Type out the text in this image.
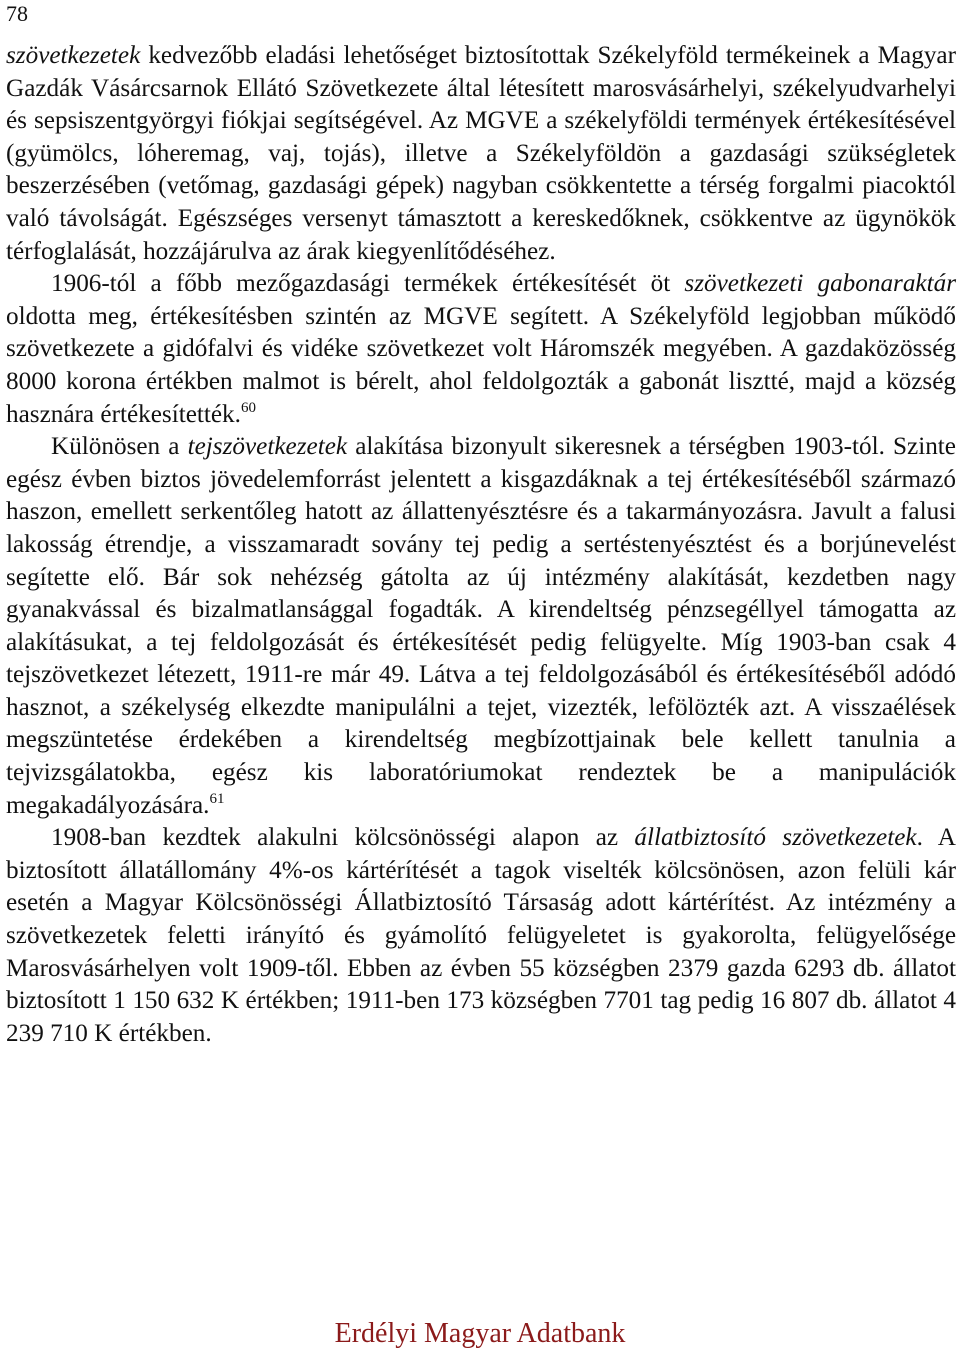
78

szövetkezetek kedvezőbb eladási lehetőséget biztosítottak Székelyföld termékeinek a Magyar Gazdák Vásárcsarnok Ellátó Szövetkezete által létesített marosvásárhelyi, székelyudvarhelyi és sepsiszentgyörgyi fiókjai segítségével. Az MGVE a székelyföldi termények értékesítésével (gyümölcs, lóheremag, vaj, tojás), illetve a Székelyföldön a gazdasági szükségletek beszerzésében (vetőmag, gazdasági gépek) nagyban csökkentette a térség forgalmi piacoktól való távolságát. Egészséges versenyt támasztott a kereskedőknek, csökkentve az ügynökök térfoglalását, hozzájárulva az árak kiegyenlítődéséhez.

1906-tól a főbb mezőgazdasági termékek értékesítését öt szövetkezeti gabonaraktár oldotta meg, értékesítésben szintén az MGVE segített. A Székelyföld legjobban működő szövetkezete a gidófalvi és vidéke szövetkezet volt Háromszék megyében. A gazdaközösség 8000 korona értékben malmot is bérelt, ahol feldolgozták a gabonát lisztté, majd a község hasznára értékesítették.$^{60}$

Különösen a tejszövetkezetek alakítása bizonyult sikeresnek a térségben 1903-tól. Szinte egész évben biztos jövedelemforrást jelentett a kisgazdáknak a tej értékesítéséből származó haszon, emellett serkentőleg hatott az állattenyésztésre és a takarmányozásra. Javult a falusi lakosság étrendje, a visszamaradt sovány tej pedig a sertéstenyésztést és a borjúnevelést segítette elő. Bár sok nehézség gátolta az új intézmény alakítását, kezdetben nagy gyanakvással és bizalmatlansággal fogadták. A kirendeltség pénzsegéllyel támogatta az alakításukat, a tej feldolgozását és értékesítését pedig felügyelte. Míg 1903-ban csak 4 tejszövetkezet létezett, 1911-re már 49. Látva a tej feldolgozásából és értékesítéséből adódó hasznot, a székelység elkezdte manipulálni a tejet, vizezték, lefölözték azt. A visszaélések megszüntetése érdekében a kirendeltség megbízottjainak bele kellett tanulnia a tejvizsgálatokba, egész kis laboratóriumokat rendeztek be a manipulációk megakadályozására.$^{61}$

1908-ban kezdtek alakulni kölcsönösségi alapon az állatbiztosító szövetkezetek. A biztosított állatállomány 4%-os kártérítését a tagok viselték kölcsönösen, azon felüli kár esetén a Magyar Kölcsönösségi Állatbiztosító Társaság adott kártérítést. Az intézmény a szövetkezetek feletti irányító és gyámolító felügyeletet is gyakorolta, felügyelősége Marosvásárhelyen volt 1909-től. Ebben az évben 55 községben 2379 gazda 6293 db. állatot biztosított 1 150 632 K értékben; 1911-ben 173 községben 7701 tag pedig 16 807 db. állatot 4 239 710 K értékben.

Erdélyi Magyar Adatbank
